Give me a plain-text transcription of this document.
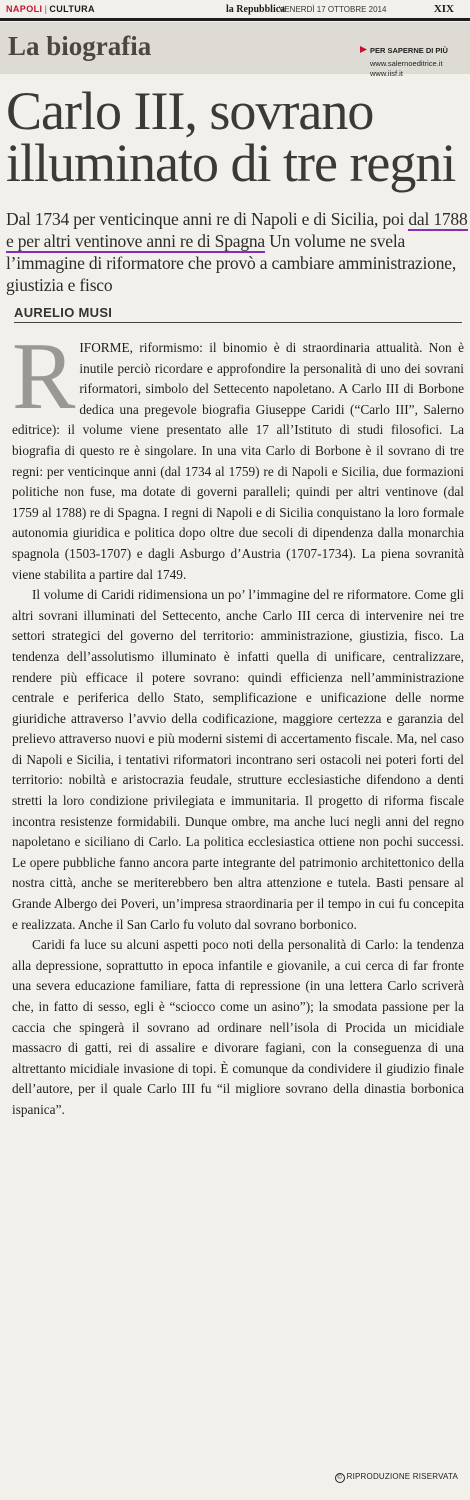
NAPOLI | CULTURA	la Repubblica
VENERDÌ 17 OTTOBRE 2014	XIX
La biografia	PER SAPERNE DI PIÙ
www.salernoeditrice.it
www.iisf.it
Carlo III, sovrano
illuminato di tre regni
Dal 1734 per venticinque anni re di Napoli e di Sicilia, poi dal 1788 e per altri ventinove anni re di Spagna Un volume ne svela l’immagine di riformatore che provò a cambiare amministrazione, giustizia e fisco
AURELIO MUSI

RIFORME, riformismo: il binomio è di straordinaria attualità. Non è inutile perciò ricordare e approfondire la personalità di uno dei sovrani riformatori, simbolo del Settecento napoletano. A Carlo III di Borbone dedica una pregevole biografia Giuseppe Caridi (“Carlo III”, Salerno editrice): il volume viene presentato alle 17 all’Istituto di studi filosofici. La biografia di questo re è singolare. In una vita Carlo di Borbone è il sovrano di tre regni: per venticinque anni (dal 1734 al 1759) re di Napoli e Sicilia, due formazioni politiche non fuse, ma dotate di governi paralleli; quindi per altri ventinove (dal 1759 al 1788) re di Spagna. I regni di Napoli e di Sicilia conquistano la loro formale autonomia giuridica e politica dopo oltre due secoli di dipendenza dalla monarchia spagnola (1503-1707) e dagli Asburgo d’Austria (1707-1734). La piena sovranità viene stabilita a partire dal 1749.

Il volume di Caridi ridimensiona un po’ l’immagine del re riformatore. Come gli altri sovrani illuminati del Settecento, anche Carlo III cerca di intervenire nei tre settori strategici del governo del territorio: amministrazione, giustizia, fisco. La tendenza dell’assolutismo illuminato è infatti quella di unificare, centralizzare, rendere più efficace il potere sovrano: quindi efficienza nell’amministrazione centrale e periferica dello Stato, semplificazione e unificazione delle norme giuridiche attraverso l’avvio della codificazione, maggiore certezza e garanzia del prelievo attraverso nuovi e più moderni sistemi di accertamento fiscale. Ma, nel caso di Napoli e Sicilia, i tentativi riformatori incontrano seri ostacoli nei poteri forti del territorio: nobiltà e aristocrazia feudale, strutture ecclesiastiche difendono a denti stretti la loro condizione privilegiata e immunitaria. Il progetto di riforma fiscale incontra resistenze formidabili. Dunque ombre, ma anche luci negli anni del regno napoletano e siciliano di Carlo. La politica ecclesiastica ottiene non pochi successi. Le opere pubbliche fanno ancora parte integrante del patrimonio architettonico della nostra città, anche se meriterebbero ben altra attenzione e tutela. Basti pensare al Grande Albergo dei Poveri, un’impresa straordinaria per il tempo in cui fu concepita e realizzata. Anche il San Carlo fu voluto dal sovrano borbonico.

Caridi fa luce su alcuni aspetti poco noti della personalità di Carlo: la tendenza alla depressione, soprattutto in epoca infantile e giovanile, a cui cerca di far fronte una severa educazione familiare, fatta di repressione (in una lettera Carlo scriverà che, in fatto di sesso, egli è “sciocco come un asino”); la smodata passione per la caccia che spingerà il sovrano ad ordinare nell’isola di Procida un micidiale massacro di gatti, rei di assalire e divorare fagiani, con la conseguenza di una altrettanto micidiale invasione di topi. È comunque da condividere il giudizio finale dell’autore, per il quale Carlo III fu “il migliore sovrano della dinastia borbonica ispanica”.

© RIPRODUZIONE RISERVATA
